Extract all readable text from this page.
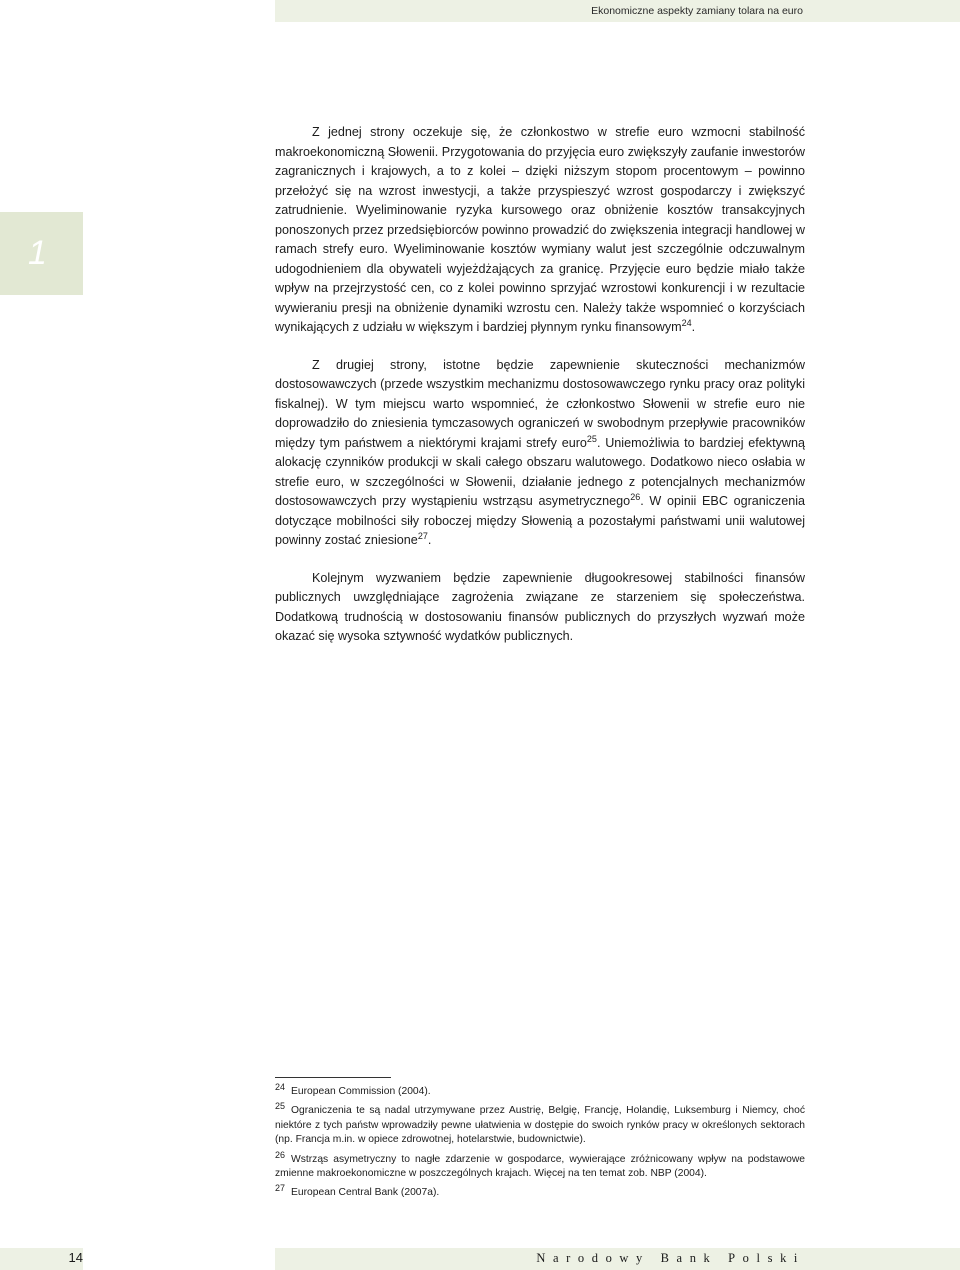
Ekonomiczne aspekty zamiany tolara na euro
1

Z jednej strony oczekuje się, że członkostwo w strefie euro wzmocni stabilność makroekonomiczną Słowenii. Przygotowania do przyjęcia euro zwiększyły zaufanie inwestorów zagranicznych i krajowych, a to z kolei – dzięki niższym stopom procentowym – powinno przełożyć się na wzrost inwestycji, a także przyspieszyć wzrost gospodarczy i zwiększyć zatrudnienie. Wyeliminowanie ryzyka kursowego oraz obniżenie kosztów transakcyjnych ponoszonych przez przedsiębiorców powinno prowadzić do zwiększenia integracji handlowej w ramach strefy euro. Wyeliminowanie kosztów wymiany walut jest szczególnie odczuwalnym udogodnieniem dla obywateli wyjeżdżających za granicę. Przyjęcie euro będzie miało także wpływ na przejrzystość cen, co z kolei powinno sprzyjać wzrostowi konkurencji i w rezultacie wywieraniu presji na obniżenie dynamiki wzrostu cen. Należy także wspomnieć o korzyściach wynikających z udziału w większym i bardziej płynnym rynku finansowym$^{24}$.

Z drugiej strony, istotne będzie zapewnienie skuteczności mechanizmów dostosowawczych (przede wszystkim mechanizmu dostosowawczego rynku pracy oraz polityki fiskalnej). W tym miejscu warto wspomnieć, że członkostwo Słowenii w strefie euro nie doprowadziło do zniesienia tymczasowych ograniczeń w swobodnym przepływie pracowników między tym państwem a niektórymi krajami strefy euro$^{25}$. Uniemożliwia to bardziej efektywną alokację czynników produkcji w skali całego obszaru walutowego. Dodatkowo nieco osłabia w strefie euro, w szczególności w Słowenii, działanie jednego z potencjalnych mechanizmów dostosowawczych przy wystąpieniu wstrząsu asymetrycznego$^{26}$. W opinii EBC ograniczenia dotyczące mobilności siły roboczej między Słowenią a pozostałymi państwami unii walutowej powinny zostać zniesione$^{27}$.

Kolejnym wyzwaniem będzie zapewnienie długookresowej stabilności finansów publicznych uwzględniające zagrożenia związane ze starzeniem się społeczeństwa. Dodatkową trudnością w dostosowaniu finansów publicznych do przyszłych wyzwań może okazać się wysoka sztywność wydatków publicznych.

24 European Commission (2004).

25 Ograniczenia te są nadal utrzymywane przez Austrię, Belgię, Francję, Holandię, Luksemburg i Niemcy, choć niektóre z tych państw wprowadziły pewne ułatwienia w dostępie do swoich rynków pracy w określonych sektorach (np. Francja m.in. w opiece zdrowotnej, hotelarstwie, budownictwie).

26 Wstrząs asymetryczny to nagłe zdarzenie w gospodarce, wywierające zróżnicowany wpływ na podstawowe zmienne makroekonomiczne w poszczególnych krajach. Więcej na ten temat zob. NBP (2004).

27 European Central Bank (2007a).

14	Narodowy Bank Polski
